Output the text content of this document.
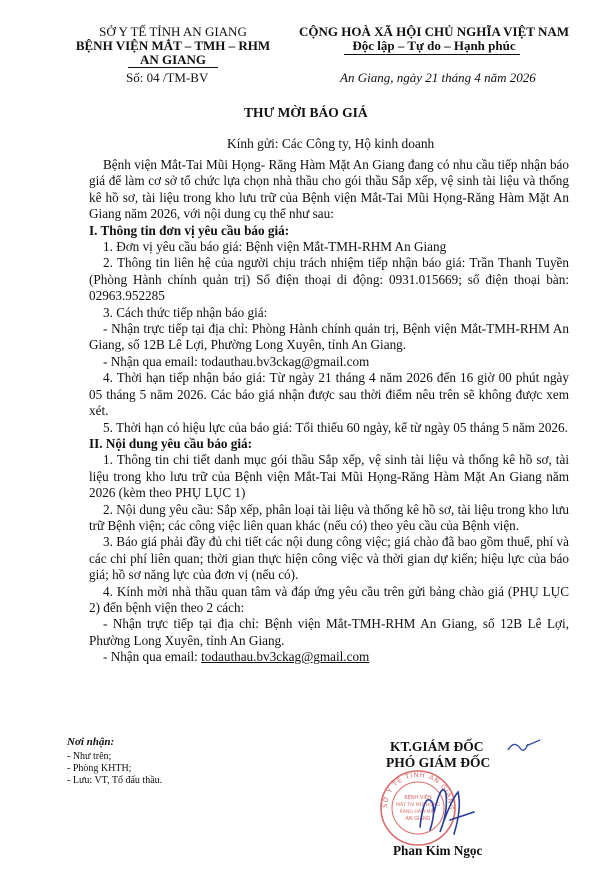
SỞ Y TẾ TỈNH AN GIANG
BỆNH VIỆN MẮT – TMH – RHM
AN GIANG
Số: 04 /TM-BV
CỘNG HOÀ XÃ HỘI CHỦ NGHĨA VIỆT NAM
Độc lập – Tự do – Hạnh phúc
An Giang, ngày 21 tháng 4 năm 2026
THƯ MỜI BÁO GIÁ
Kính gửi: Các Công ty, Hộ kinh doanh

Bệnh viện Mắt-Tai Mũi Họng- Răng Hàm Mặt An Giang đang có nhu cầu tiếp nhận báo giá để làm cơ sở tổ chức lựa chọn nhà thầu cho gói thầu Sắp xếp, vệ sinh tài liệu và thống kê hồ sơ, tài liệu trong kho lưu trữ của Bệnh viện Mắt-Tai Mũi Họng-Răng Hàm Mặt An Giang năm 2026, với nội dung cụ thể như sau:

I. Thông tin đơn vị yêu cầu báo giá:

1. Đơn vị yêu cầu báo giá: Bệnh viện Mắt-TMH-RHM An Giang

2. Thông tin liên hệ của người chịu trách nhiệm tiếp nhận báo giá: Trần Thanh Tuyền (Phòng Hành chính quản trị) Số điện thoại di động: 0931.015669; số điện thoại bàn: 02963.952285

3. Cách thức tiếp nhận báo giá:

- Nhận trực tiếp tại địa chỉ: Phòng Hành chính quản trị, Bệnh viện Mắt-TMH-RHM An Giang, số 12B Lê Lợi, Phường Long Xuyên, tỉnh An Giang.

- Nhận qua email: todauthau.bv3ckag@gmail.com

4. Thời hạn tiếp nhận báo giá: Từ ngày 21 tháng 4 năm 2026 đến 16 giờ 00 phút ngày 05 tháng 5 năm 2026. Các báo giá nhận được sau thời điểm nêu trên sẽ không được xem xét.

5. Thời hạn có hiệu lực của báo giá: Tối thiểu 60 ngày, kể từ ngày 05 tháng 5 năm 2026.

II. Nội dung yêu cầu báo giá:

1. Thông tin chi tiết danh mục gói thầu Sắp xếp, vệ sinh tài liệu và thống kê hồ sơ, tài liệu trong kho lưu trữ của Bệnh viện Mắt-Tai Mũi Họng-Răng Hàm Mặt An Giang năm 2026 (kèm theo PHỤ LỤC 1)

2. Nội dung yêu cầu: Sắp xếp, phân loại tài liệu và thống kê hồ sơ, tài liệu trong kho lưu trữ Bệnh viện; các công việc liên quan khác (nếu có) theo yêu cầu của Bệnh viện.

3. Báo giá phải đầy đủ chi tiết các nội dung công việc; giá chào đã bao gồm thuế, phí và các chi phí liên quan; thời gian thực hiện công việc và thời gian dự kiến; hiệu lực của báo giá; hồ sơ năng lực của đơn vị (nếu có).

4. Kính mời nhà thầu quan tâm và đáp ứng yêu cầu trên gửi bảng chào giá (PHỤ LỤC 2) đến bệnh viện theo 2 cách:

- Nhận trực tiếp tại địa chỉ: Bệnh viện Mắt-TMH-RHM An Giang, số 12B Lê Lợi, Phường Long Xuyên, tỉnh An Giang.

- Nhận qua email: todauthau.bv3ckag@gmail.com

Nơi nhận:
- Như trên;
- Phòng KHTH;
- Lưu: VT, Tổ đấu thầu.
KT.GIÁM ĐỐC
PHÓ GIÁM ĐỐC
SỞ Y TẾ TỈNH AN GIANG
BỆNH VIỆN
MẮT TAI MŨI HỌNG
RĂNG HÀM MẶT
AN GIANG
Phan Kim Ngọc
